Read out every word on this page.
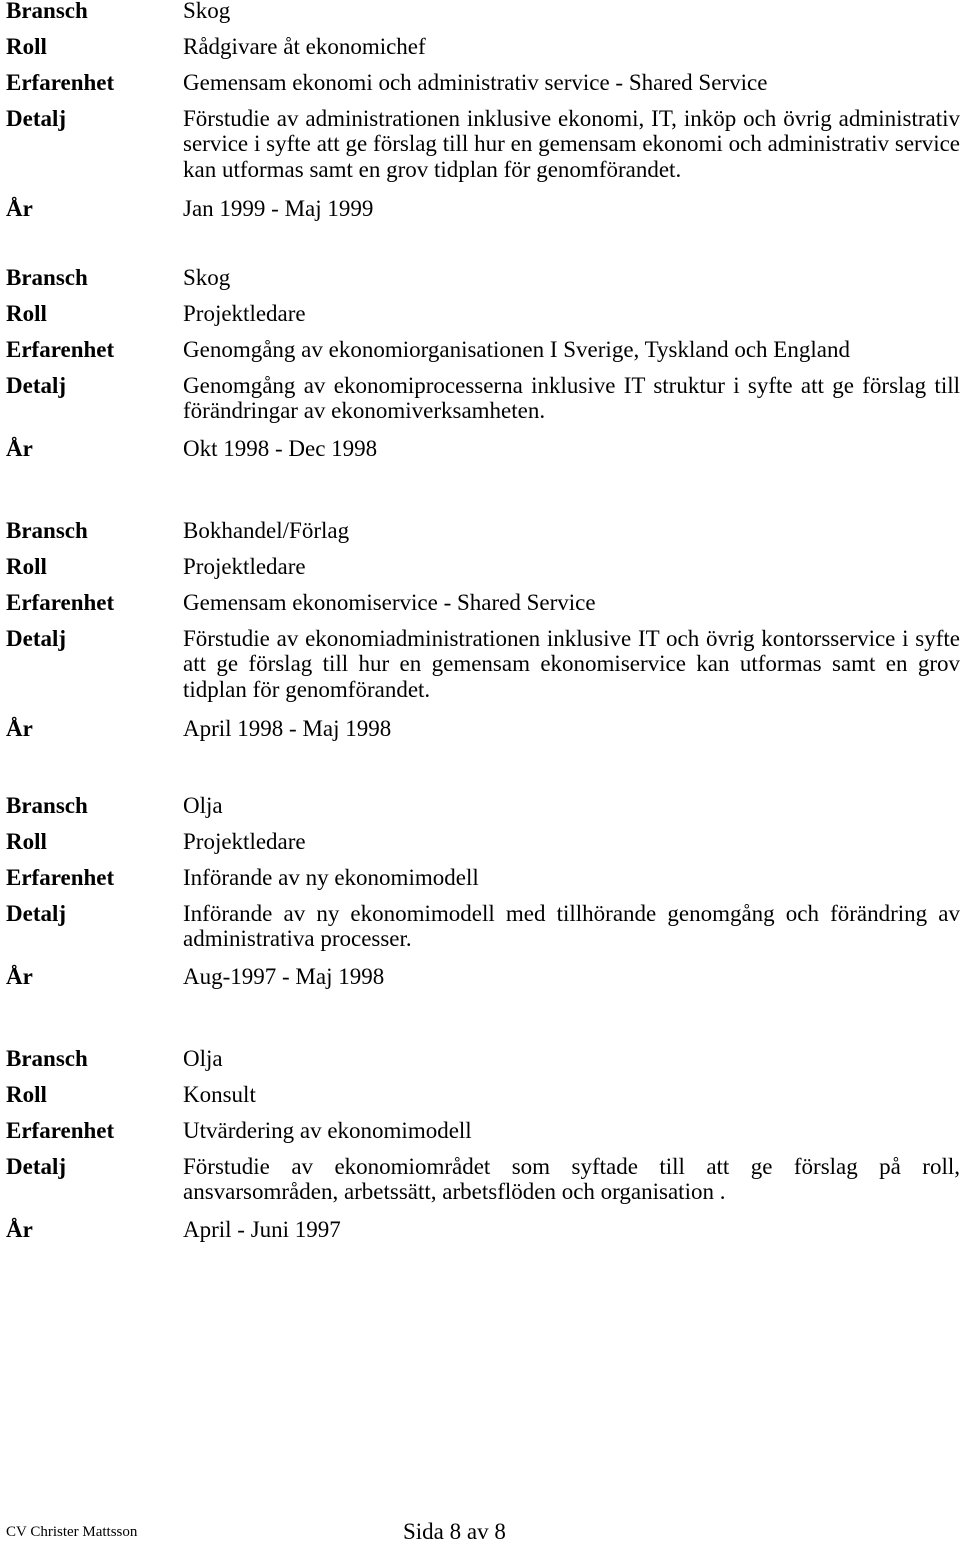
Bransch	Skog
Roll	Rådgivare åt ekonomichef
Erfarenhet	Gemensam ekonomi och administrativ service - Shared Service
Detalj	Förstudie av administrationen inklusive ekonomi, IT, inköp och övrig administrativ service i syfte att ge förslag till hur en gemensam ekonomi och administrativ service kan utformas samt en grov tidplan för genomförandet.
År	Jan 1999 - Maj 1999
Bransch	Skog
Roll	Projektledare
Erfarenhet	Genomgång av ekonomiorganisationen I Sverige, Tyskland och England
Detalj	Genomgång av ekonomiprocesserna inklusive IT struktur i syfte att ge förslag till förändringar av ekonomiverksamheten.
År	Okt 1998 - Dec 1998
Bransch	Bokhandel/Förlag
Roll	Projektledare
Erfarenhet	Gemensam ekonomiservice - Shared Service
Detalj	Förstudie av ekonomiadministrationen inklusive IT och övrig kontorsservice i syfte att ge förslag till hur en gemensam ekonomiservice kan utformas samt en grov tidplan för genomförandet.
År	April 1998 - Maj 1998
Bransch	Olja
Roll	Projektledare
Erfarenhet	Införande av ny ekonomimodell
Detalj	Införande av ny ekonomimodell med tillhörande genomgång och förändring av administrativa processer.
År	Aug-1997 - Maj 1998
Bransch	Olja
Roll	Konsult
Erfarenhet	Utvärdering av ekonomimodell
Detalj	Förstudie av ekonomiområdet som syftade till att ge förslag på roll, ansvarsområden, arbetssätt, arbetsflöden och organisation .
År	April - Juni 1997
CV Christer Mattsson	Sida 8 av 8
